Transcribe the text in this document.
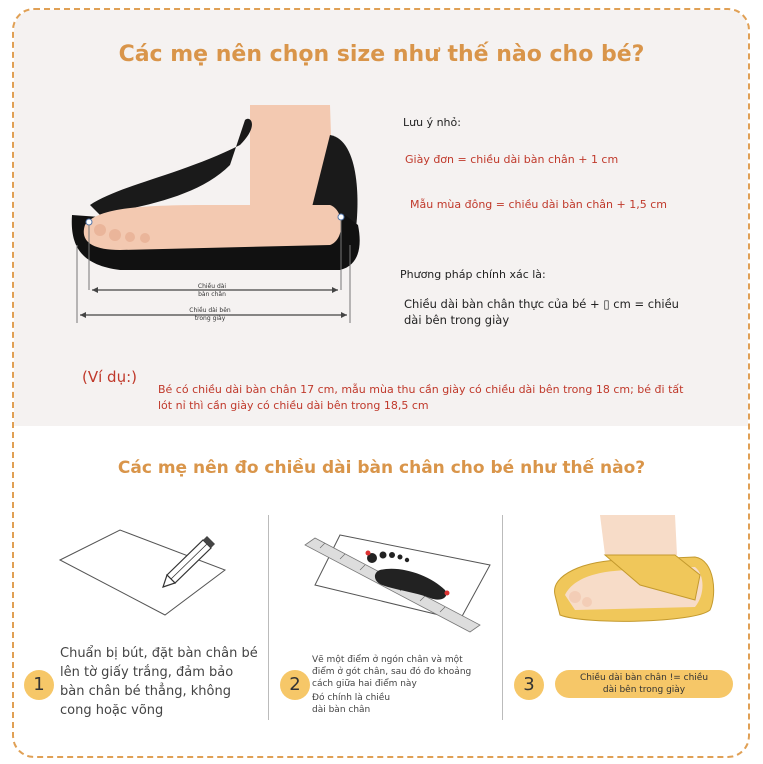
Các mẹ nên chọn size như thế nào cho bé?
Chiều dài bàn chân
Chiều dài bên trong giày
Lưu ý nhỏ:
Giày đơn = chiều dài bàn chân + 1 cm
Mẫu mùa đông = chiều dài bàn chân + 1,5 cm
Phương pháp chính xác là:
Chiều dài bàn chân thực của bé + ▯ cm = chiều dài bên trong giày
(Ví dụ:)
Bé có chiều dài bàn chân 17 cm, mẫu mùa thu cần giày có chiều dài bên trong 18 cm; bé đi tất lót nỉ thì cần giày có chiều dài bên trong 18,5 cm
Các mẹ nên đo chiều dài bàn chân cho bé như thế nào?
1
Chuẩn bị bút, đặt bàn chân bé lên tờ giấy trắng, đảm bảo bàn chân bé thẳng, không cong hoặc võng
2
Vẽ một điểm ở ngón chân và một điểm ở gót chân, sau đó đo khoảng cách giữa hai điểm này
Đó chính là chiều dài bàn chân
3	Chiều dài bàn chân != chiều dài bên trong giày
